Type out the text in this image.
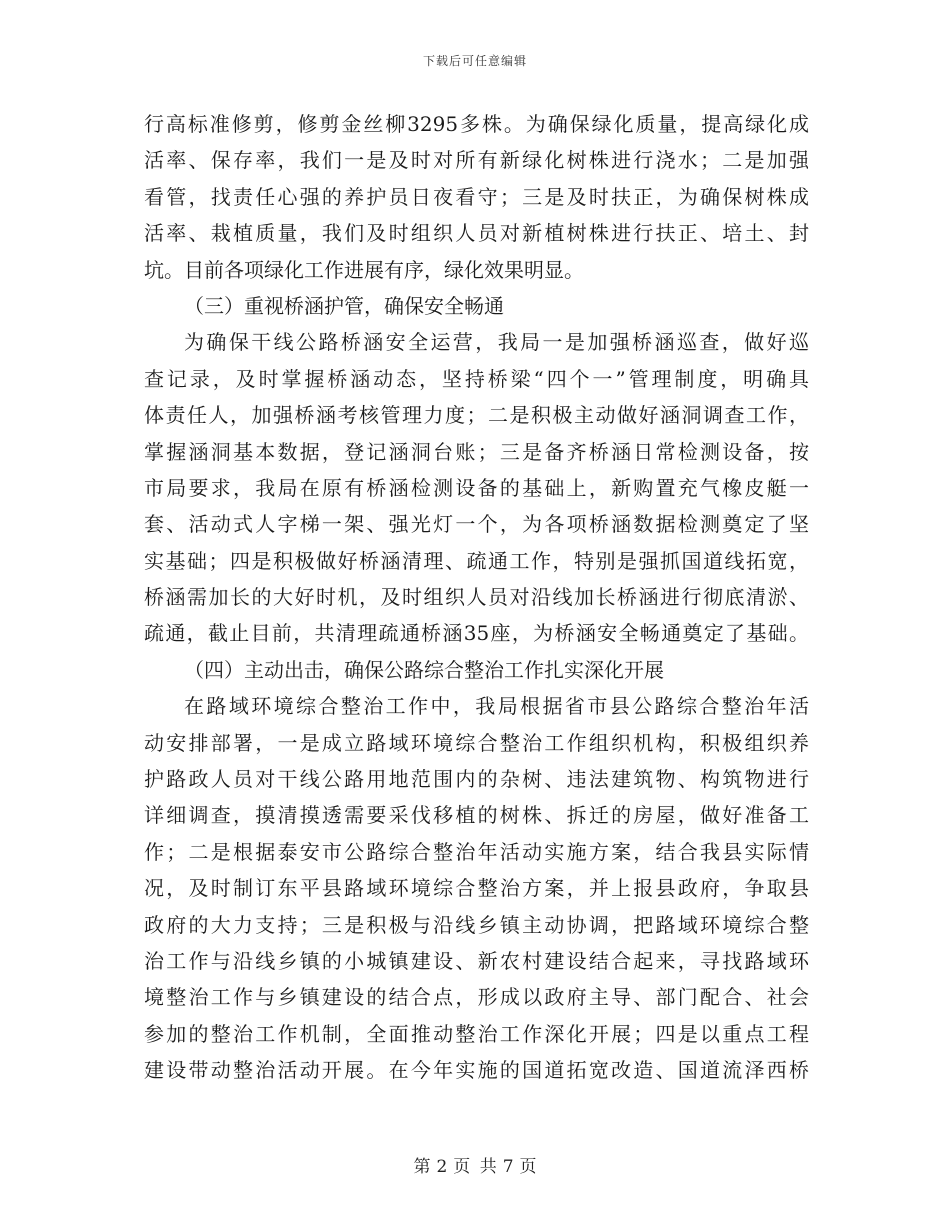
下载后可任意编辑
行高标准修剪，修剪金丝柳3295多株。为确保绿化质量，提高绿化成
活率、保存率，我们一是及时对所有新绿化树株进行浇水；二是加强
看管，找责任心强的养护员日夜看守；三是及时扶正，为确保树株成
活率、栽植质量，我们及时组织人员对新植树株进行扶正、培土、封
坑。目前各项绿化工作进展有序，绿化效果明显。
（三）重视桥涵护管，确保安全畅通
为确保干线公路桥涵安全运营，我局一是加强桥涵巡查，做好巡
查记录，及时掌握桥涵动态，坚持桥梁“四个一”管理制度，明确具
体责任人，加强桥涵考核管理力度；二是积极主动做好涵洞调查工作，
掌握涵洞基本数据，登记涵洞台账；三是备齐桥涵日常检测设备，按
市局要求，我局在原有桥涵检测设备的基础上，新购置充气橡皮艇一
套、活动式人字梯一架、强光灯一个，为各项桥涵数据检测奠定了坚
实基础；四是积极做好桥涵清理、疏通工作，特别是强抓国道线拓宽，
桥涵需加长的大好时机，及时组织人员对沿线加长桥涵进行彻底清淤、
疏通，截止目前，共清理疏通桥涵35座，为桥涵安全畅通奠定了基础。
（四）主动出击，确保公路综合整治工作扎实深化开展
在路域环境综合整治工作中，我局根据省市县公路综合整治年活
动安排部署，一是成立路域环境综合整治工作组织机构，积极组织养
护路政人员对干线公路用地范围内的杂树、违法建筑物、构筑物进行
详细调查，摸清摸透需要采伐移植的树株、拆迁的房屋，做好准备工
作；二是根据泰安市公路综合整治年活动实施方案，结合我县实际情
况，及时制订东平县路域环境综合整治方案，并上报县政府，争取县
政府的大力支持；三是积极与沿线乡镇主动协调，把路域环境综合整
治工作与沿线乡镇的小城镇建设、新农村建设结合起来，寻找路域环
境整治工作与乡镇建设的结合点，形成以政府主导、部门配合、社会
参加的整治工作机制，全面推动整治工作深化开展；四是以重点工程
建设带动整治活动开展。在今年实施的国道拓宽改造、国道流泽西桥
第 2 页 共 7 页
